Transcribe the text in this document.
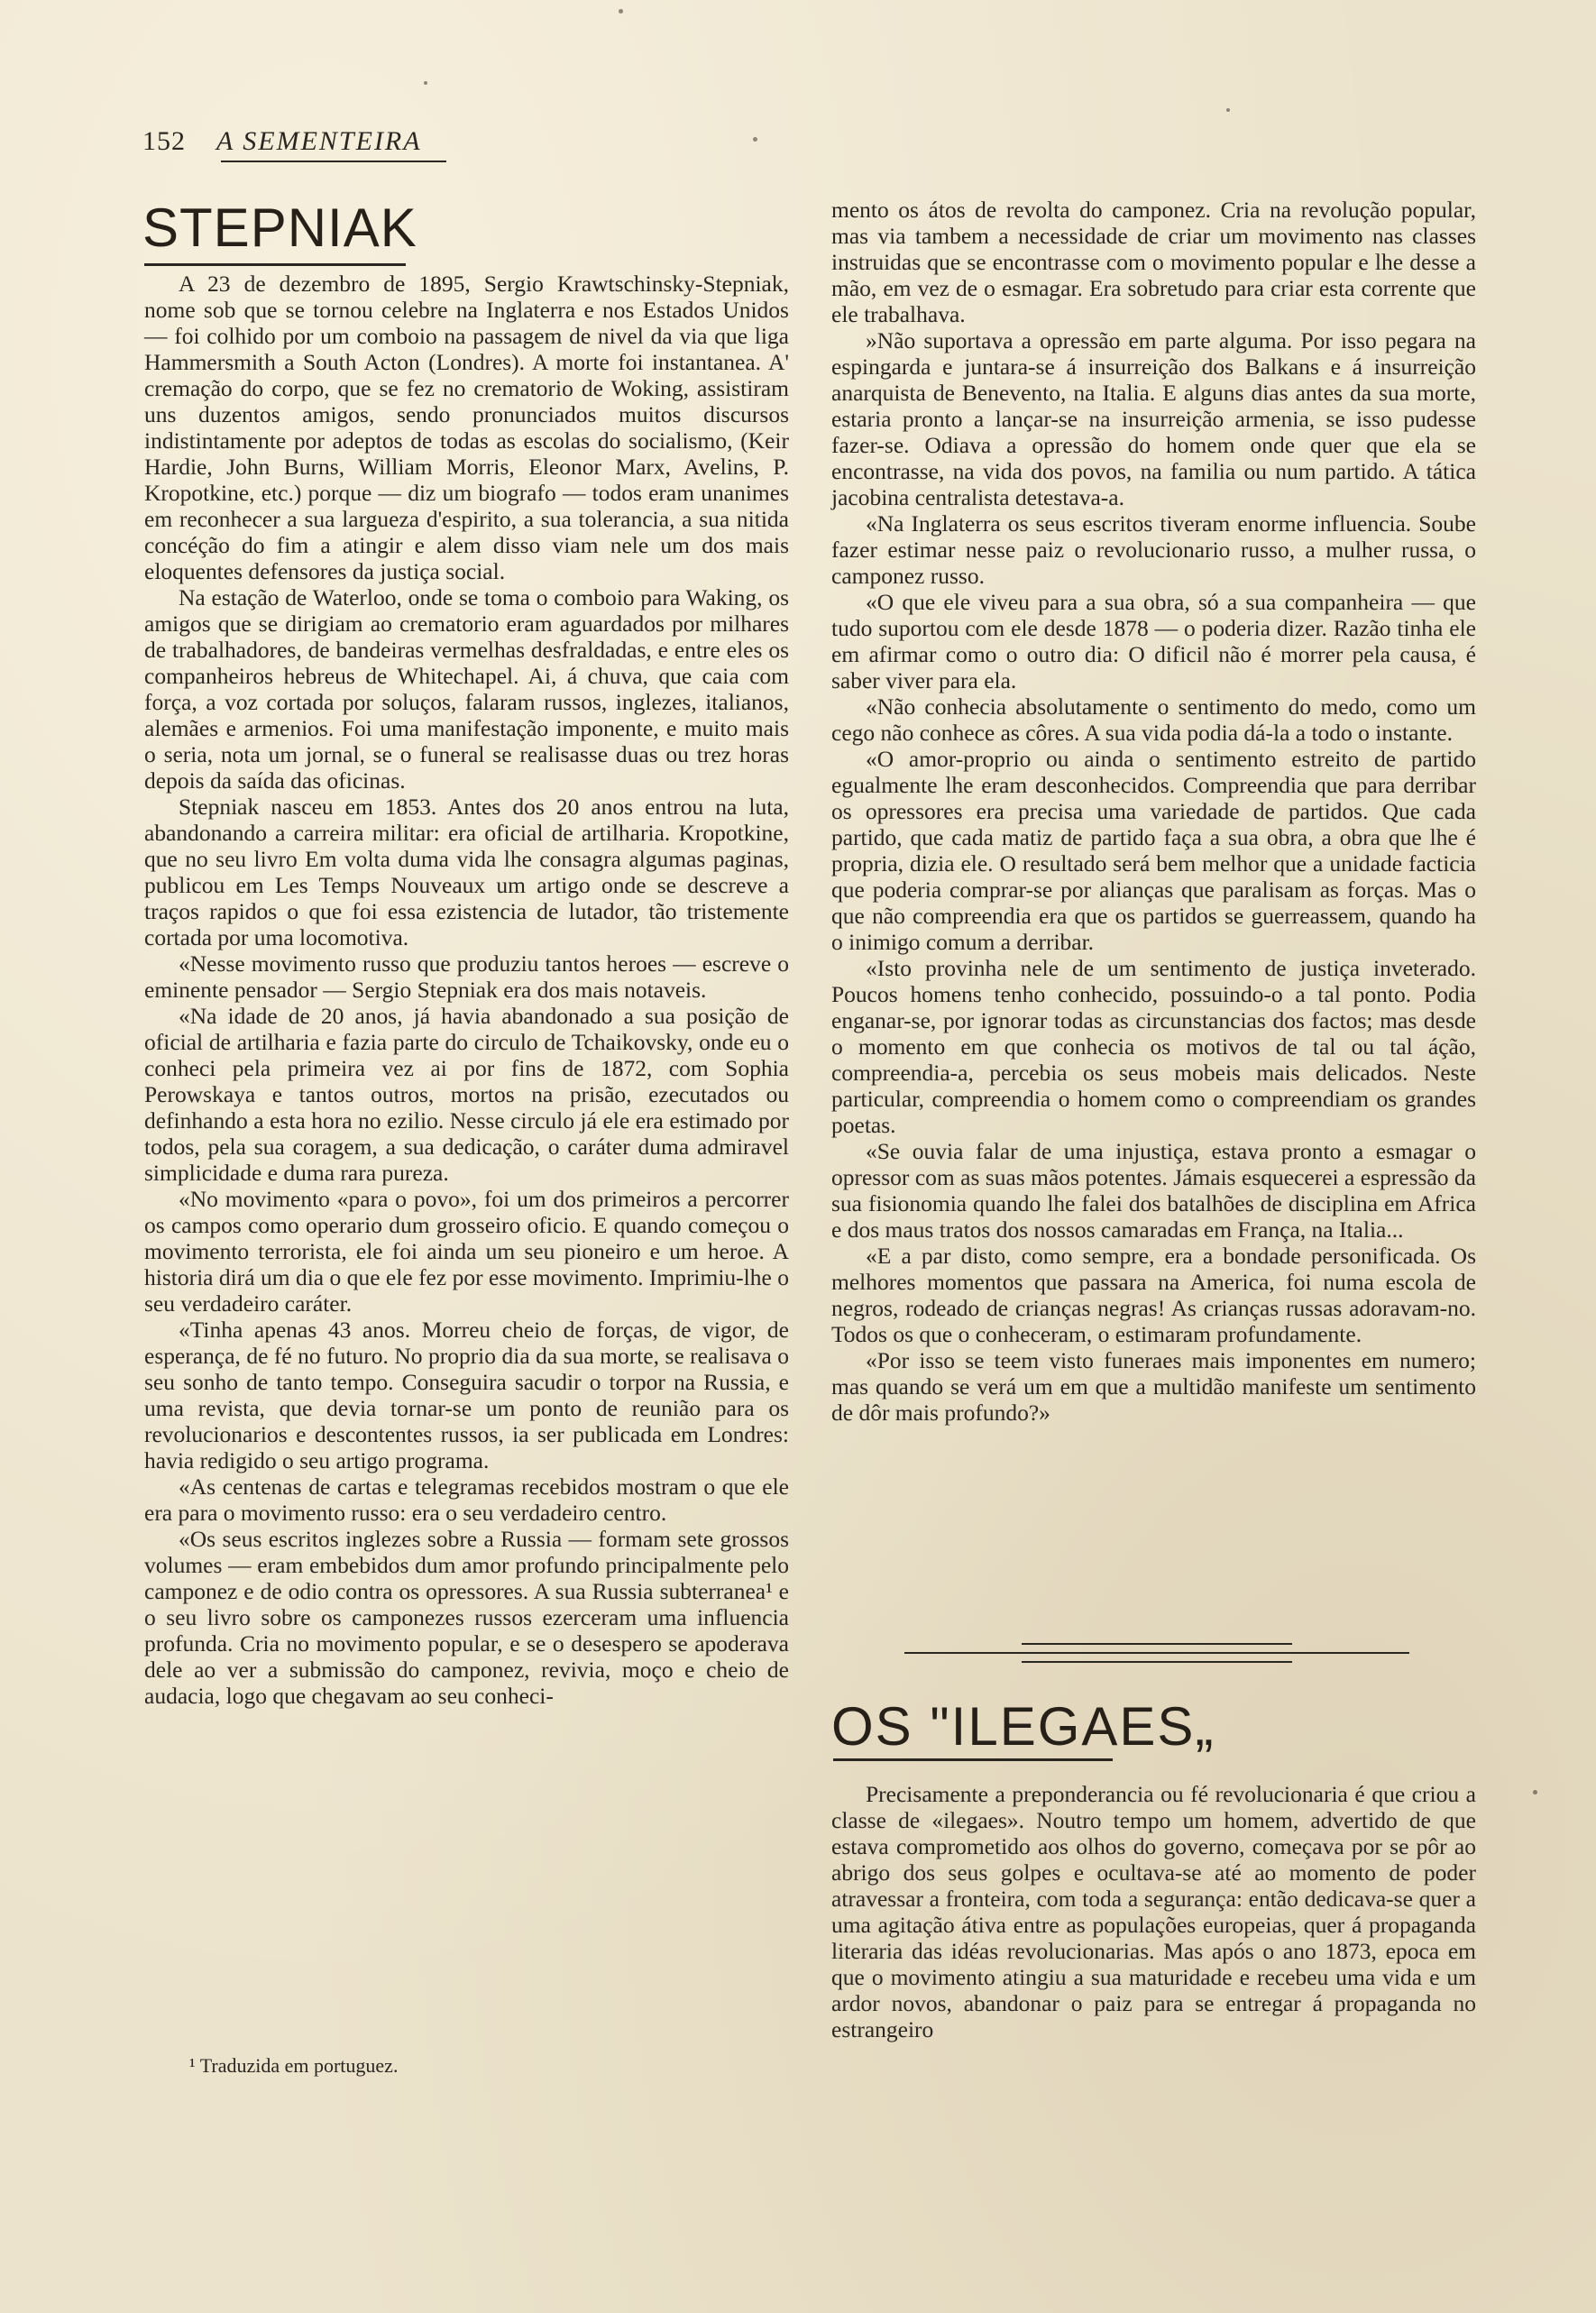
152 A SEMENTEIRA
STEPNIAK

A 23 de dezembro de 1895, Sergio Krawtschinsky-Stepniak, nome sob que se tornou celebre na Inglaterra e nos Estados Unidos — foi colhido por um comboio na passagem de nivel da via que liga Hammersmith a South Acton (Londres). A morte foi instantanea. A' cremação do corpo, que se fez no crematorio de Woking, assistiram uns duzentos amigos, sendo pronunciados muitos discursos indistintamente por adeptos de todas as escolas do socialismo, (Keir Hardie, John Burns, William Morris, Eleonor Marx, Avelins, P. Kropotkine, etc.) porque — diz um biografo — todos eram unanimes em reconhecer a sua largueza d'espirito, a sua tolerancia, a sua nitida concéção do fim a atingir e alem disso viam nele um dos mais eloquentes defensores da justiça social.

Na estação de Waterloo, onde se toma o comboio para Waking, os amigos que se dirigiam ao crematorio eram aguardados por milhares de trabalhadores, de bandeiras vermelhas desfraldadas, e entre eles os companheiros hebreus de Whitechapel. Ai, á chuva, que caia com força, a voz cortada por soluços, falaram russos, inglezes, italianos, alemães e armenios. Foi uma manifestação imponente, e muito mais o seria, nota um jornal, se o funeral se realisasse duas ou trez horas depois da saída das oficinas.

Stepniak nasceu em 1853. Antes dos 20 anos entrou na luta, abandonando a carreira militar: era oficial de artilharia. Kropotkine, que no seu livro Em volta duma vida lhe consagra algumas paginas, publicou em Les Temps Nouveaux um artigo onde se descreve a traços rapidos o que foi essa ezistencia de lutador, tão tristemente cortada por uma locomotiva.

«Nesse movimento russo que produziu tantos heroes — escreve o eminente pensador — Sergio Stepniak era dos mais notaveis.

«Na idade de 20 anos, já havia abandonado a sua posição de oficial de artilharia e fazia parte do circulo de Tchaikovsky, onde eu o conheci pela primeira vez ai por fins de 1872, com Sophia Perowskaya e tantos outros, mortos na prisão, ezecutados ou definhando a esta hora no ezilio. Nesse circulo já ele era estimado por todos, pela sua coragem, a sua dedicação, o caráter duma admiravel simplicidade e duma rara pureza.

«No movimento «para o povo», foi um dos primeiros a percorrer os campos como operario dum grosseiro oficio. E quando começou o movimento terrorista, ele foi ainda um seu pioneiro e um heroe. A historia dirá um dia o que ele fez por esse movimento. Imprimiu-lhe o seu verdadeiro caráter.

«Tinha apenas 43 anos. Morreu cheio de forças, de vigor, de esperança, de fé no futuro. No proprio dia da sua morte, se realisava o seu sonho de tanto tempo. Conseguira sacudir o torpor na Russia, e uma revista, que devia tornar-se um ponto de reunião para os revolucionarios e descontentes russos, ia ser publicada em Londres: havia redigido o seu artigo programa.

«As centenas de cartas e telegramas recebidos mostram o que ele era para o movimento russo: era o seu verdadeiro centro.

«Os seus escritos inglezes sobre a Russia — formam sete grossos volumes — eram embebidos dum amor profundo principalmente pelo camponez e de odio contra os opressores. A sua Russia subterranea¹ e o seu livro sobre os camponezes russos ezerceram uma influencia profunda. Cria no movimento popular, e se o desespero se apoderava dele ao ver a submissão do camponez, revivia, moço e cheio de audacia, logo que chegavam ao seu conheci-

¹ Traduzida em portuguez.

mento os átos de revolta do camponez. Cria na revolução popular, mas via tambem a necessidade de criar um movimento nas classes instruidas que se encontrasse com o movimento popular e lhe desse a mão, em vez de o esmagar. Era sobretudo para criar esta corrente que ele trabalhava.

»Não suportava a opressão em parte alguma. Por isso pegara na espingarda e juntara-se á insurreição dos Balkans e á insurreição anarquista de Benevento, na Italia. E alguns dias antes da sua morte, estaria pronto a lançar-se na insurreição armenia, se isso pudesse fazer-se. Odiava a opressão do homem onde quer que ela se encontrasse, na vida dos povos, na familia ou num partido. A tática jacobina centralista detestava-a.

«Na Inglaterra os seus escritos tiveram enorme influencia. Soube fazer estimar nesse paiz o revolucionario russo, a mulher russa, o camponez russo.

«O que ele viveu para a sua obra, só a sua companheira — que tudo suportou com ele desde 1878 — o poderia dizer. Razão tinha ele em afirmar como o outro dia: O dificil não é morrer pela causa, é saber viver para ela.

«Não conhecia absolutamente o sentimento do medo, como um cego não conhece as côres. A sua vida podia dá-la a todo o instante.

«O amor-proprio ou ainda o sentimento estreito de partido egualmente lhe eram desconhecidos. Compreendia que para derribar os opressores era precisa uma variedade de partidos. Que cada partido, que cada matiz de partido faça a sua obra, a obra que lhe é propria, dizia ele. O resultado será bem melhor que a unidade facticia que poderia comprar-se por alianças que paralisam as forças. Mas o que não compreendia era que os partidos se guerreassem, quando ha o inimigo comum a derribar.

«Isto provinha nele de um sentimento de justiça inveterado. Poucos homens tenho conhecido, possuindo-o a tal ponto. Podia enganar-se, por ignorar todas as circunstancias dos factos; mas desde o momento em que conhecia os motivos de tal ou tal áção, compreendia-a, percebia os seus mobeis mais delicados. Neste particular, compreendia o homem como o compreendiam os grandes poetas.

«Se ouvia falar de uma injustiça, estava pronto a esmagar o opressor com as suas mãos potentes. Jámais esquecerei a espressão da sua fisionomia quando lhe falei dos batalhões de disciplina em Africa e dos maus tratos dos nossos camaradas em França, na Italia...

«E a par disto, como sempre, era a bondade personificada. Os melhores momentos que passara na America, foi numa escola de negros, rodeado de crianças negras! As crianças russas adoravam-no. Todos os que o conheceram, o estimaram profundamente.

«Por isso se teem visto funeraes mais imponentes em numero; mas quando se verá um em que a multidão manifeste um sentimento de dôr mais profundo?»

OS "ILEGAES„

Precisamente a preponderancia ou fé revolucionaria é que criou a classe de «ilegaes». Noutro tempo um homem, advertido de que estava comprometido aos olhos do governo, começava por se pôr ao abrigo dos seus golpes e ocultava-se até ao momento de poder atravessar a fronteira, com toda a segurança: então dedicava-se quer a uma agitação átiva entre as populações europeias, quer á propaganda literaria das idéas revolucionarias. Mas após o ano 1873, epoca em que o movimento atingiu a sua maturidade e recebeu uma vida e um ardor novos, abandonar o paiz para se entregar á propaganda no estrangeiro
